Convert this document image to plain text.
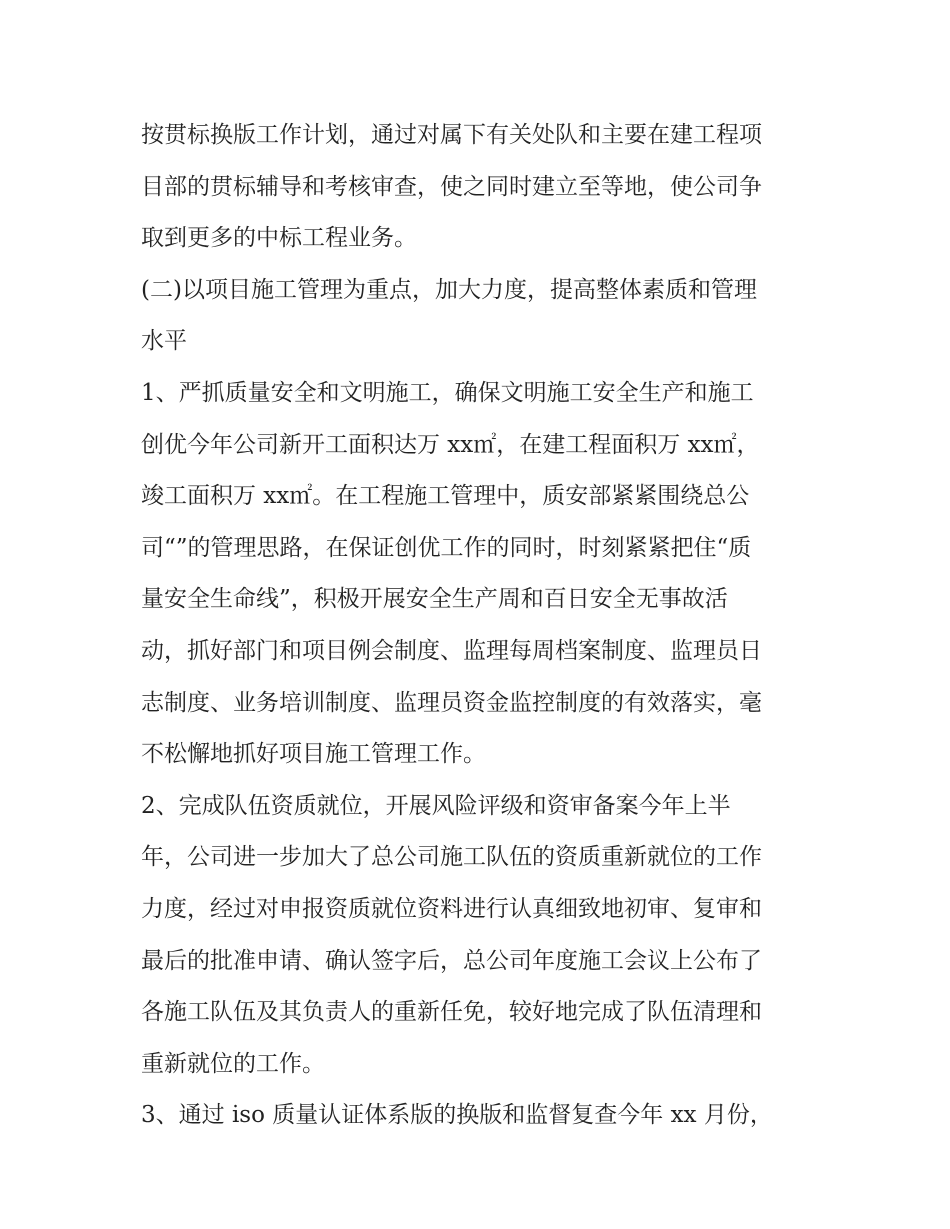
按贯标换版工作计划，通过对属下有关处队和主要在建工程项
目部的贯标辅导和考核审查，使之同时建立至等地，使公司争
取到更多的中标工程业务。
(二)以项目施工管理为重点，加大力度，提高整体素质和管理
水平
1、严抓质量安全和文明施工，确保文明施工安全生产和施工
创优今年公司新开工面积达万 xx㎡，在建工程面积万 xx㎡，
竣工面积万 xx㎡。在工程施工管理中，质安部紧紧围绕总公
司“”的管理思路，在保证创优工作的同时，时刻紧紧把住“质
量安全生命线”，积极开展安全生产周和百日安全无事故活
动，抓好部门和项目例会制度、监理每周档案制度、监理员日
志制度、业务培训制度、监理员资金监控制度的有效落实，毫
不松懈地抓好项目施工管理工作。
2、完成队伍资质就位，开展风险评级和资审备案今年上半
年，公司进一步加大了总公司施工队伍的资质重新就位的工作
力度，经过对申报资质就位资料进行认真细致地初审、复审和
最后的批准申请、确认签字后，总公司年度施工会议上公布了
各施工队伍及其负责人的重新任免，较好地完成了队伍清理和
重新就位的工作。
3、通过 iso 质量认证体系版的换版和监督复查今年 xx 月份，
